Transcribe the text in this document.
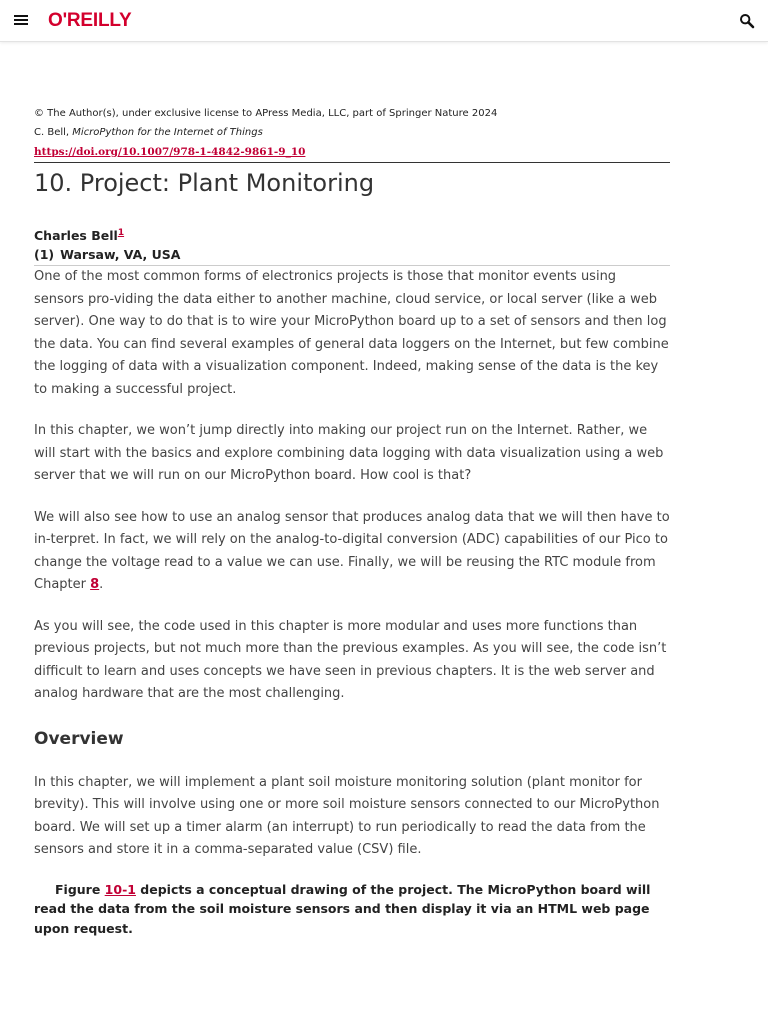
O'REILLY
© The Author(s), under exclusive license to APress Media, LLC, part of Springer Nature 2024
C. Bell, MicroPython for the Internet of Things
https://doi.org/10.1007/978-1-4842-9861-9_10
10. Project: Plant Monitoring
Charles Bell$^1$
(1) Warsaw, VA, USA

One of the most common forms of electronics projects is those that monitor events using sensors pro-viding the data either to another machine, cloud service, or local server (like a web server). One way to do that is to wire your MicroPython board up to a set of sensors and then log the data. You can find several examples of general data loggers on the Internet, but few combine the logging of data with a visualization component. Indeed, making sense of the data is the key to making a successful project.

In this chapter, we won’t jump directly into making our project run on the Internet. Rather, we will start with the basics and explore combining data logging with data visualization using a web server that we will run on our MicroPython board. How cool is that?

We will also see how to use an analog sensor that produces analog data that we will then have to in-terpret. In fact, we will rely on the analog-to-digital conversion (ADC) capabilities of our Pico to change the voltage read to a value we can use. Finally, we will be reusing the RTC module from Chapter 8.

As you will see, the code used in this chapter is more modular and uses more functions than previous projects, but not much more than the previous examples. As you will see, the code isn’t difficult to learn and uses concepts we have seen in previous chapters. It is the web server and analog hardware that are the most challenging.

Overview

In this chapter, we will implement a plant soil moisture monitoring solution (plant monitor for brevity). This will involve using one or more soil moisture sensors connected to our MicroPython board. We will set up a timer alarm (an interrupt) to run periodically to read the data from the sensors and store it in a comma-separated value (CSV) file.

Figure 10-1 depicts a conceptual drawing of the project. The MicroPython board will read the data from the soil moisture sensors and then display it via an HTML web page upon request.
